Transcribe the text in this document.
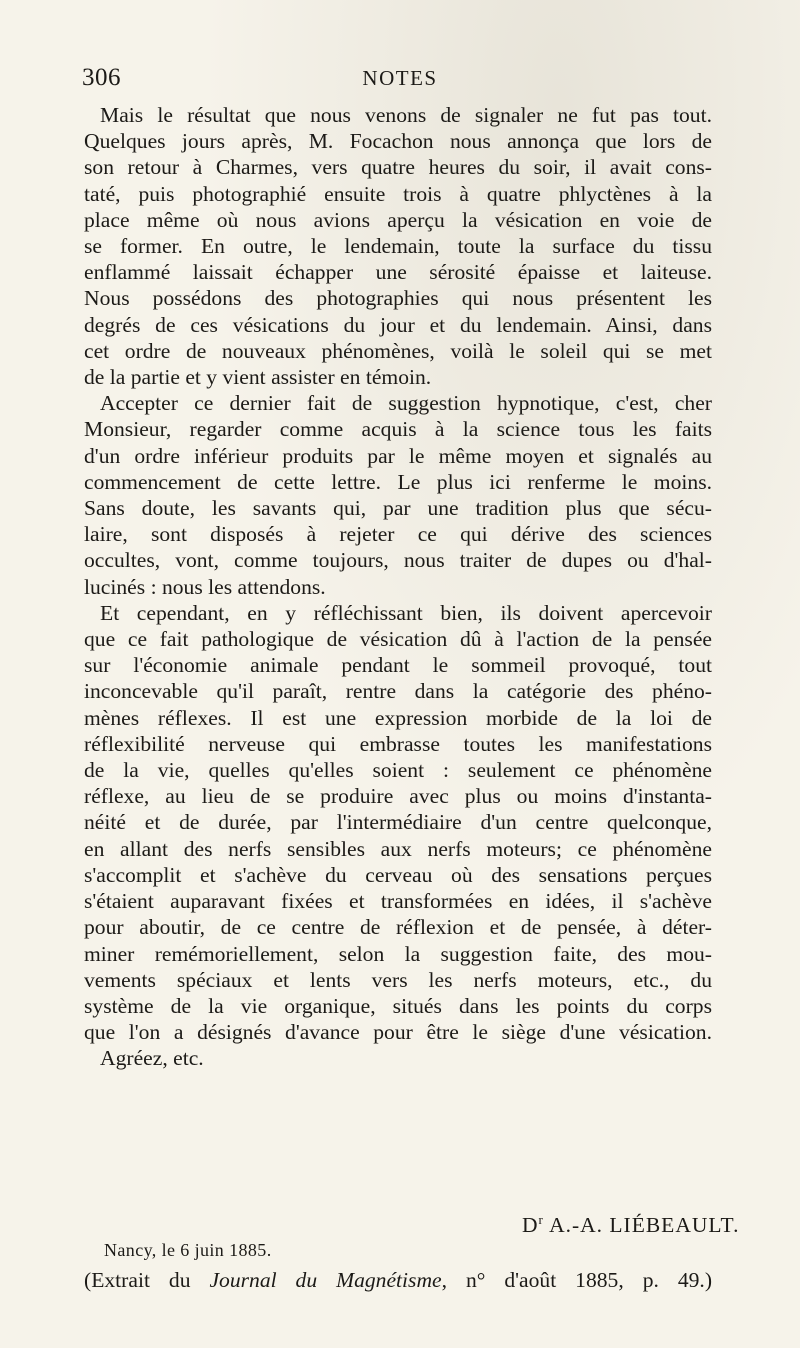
306	NOTES
Mais le résultat que nous venons de signaler ne fut pas tout.
Quelques jours après, M. Focachon nous annonça que lors de
son retour à Charmes, vers quatre heures du soir, il avait cons-
taté, puis photographié ensuite trois à quatre phlyctènes à la
place même où nous avions aperçu la vésication en voie de
se former. En outre, le lendemain, toute la surface du tissu
enflammé laissait échapper une sérosité épaisse et laiteuse.
Nous possédons des photographies qui nous présentent les
degrés de ces vésications du jour et du lendemain. Ainsi, dans
cet ordre de nouveaux phénomènes, voilà le soleil qui se met
de la partie et y vient assister en témoin.
Accepter ce dernier fait de suggestion hypnotique, c'est, cher
Monsieur, regarder comme acquis à la science tous les faits
d'un ordre inférieur produits par le même moyen et signalés au
commencement de cette lettre. Le plus ici renferme le moins.
Sans doute, les savants qui, par une tradition plus que sécu-
laire, sont disposés à rejeter ce qui dérive des sciences
occultes, vont, comme toujours, nous traiter de dupes ou d'hal-
lucinés : nous les attendons.
Et cependant, en y réfléchissant bien, ils doivent apercevoir
que ce fait pathologique de vésication dû à l'action de la pensée
sur l'économie animale pendant le sommeil provoqué, tout
inconcevable qu'il paraît, rentre dans la catégorie des phéno-
mènes réflexes. Il est une expression morbide de la loi de
réflexibilité nerveuse qui embrasse toutes les manifestations
de la vie, quelles qu'elles soient : seulement ce phénomène
réflexe, au lieu de se produire avec plus ou moins d'instanta-
néité et de durée, par l'intermédiaire d'un centre quelconque,
en allant des nerfs sensibles aux nerfs moteurs; ce phénomène
s'accomplit et s'achève du cerveau où des sensations perçues
s'étaient auparavant fixées et transformées en idées, il s'achève
pour aboutir, de ce centre de réflexion et de pensée, à déter-
miner remémoriellement, selon la suggestion faite, des mou-
vements spéciaux et lents vers les nerfs moteurs, etc., du
système de la vie organique, situés dans les points du corps
que l'on a désignés d'avance pour être le siège d'une vésication.
Agréez, etc.
$D^r$ A.-A. LIÉBEAULT.
Nancy, le 6 juin 1885.
(Extrait du Journal du Magnétisme, n° d'août 1885, p. 49.)
